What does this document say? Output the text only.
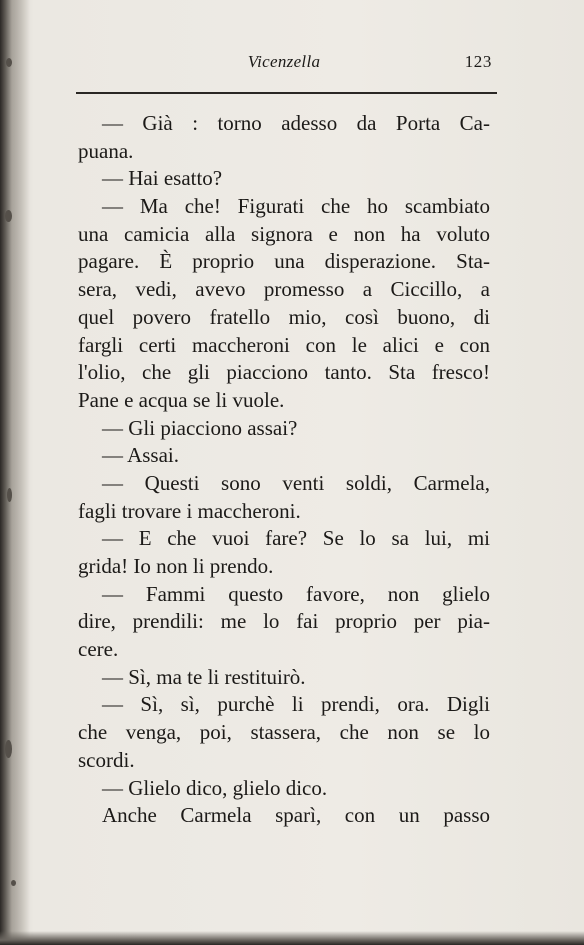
Vicenzella	123
— Già : torno adesso da Porta Ca-
puana.
— Hai esatto?
— Ma che! Figurati che ho scambiato
una camicia alla signora e non ha voluto
pagare. È proprio una disperazione. Sta-
sera, vedi, avevo promesso a Ciccillo, a
quel povero fratello mio, così buono, di
fargli certi maccheroni con le alici e con
l'olio, che gli piacciono tanto. Sta fresco!
Pane e acqua se li vuole.
— Gli piacciono assai?
— Assai.
— Questi sono venti soldi, Carmela,
fagli trovare i maccheroni.
— E che vuoi fare? Se lo sa lui, mi
grida! Io non li prendo.
— Fammi questo favore, non glielo
dire, prendili: me lo fai proprio per pia-
cere.
— Sì, ma te li restituirò.
— Sì, sì, purchè li prendi, ora. Digli
che venga, poi, stassera, che non se lo
scordi.
— Glielo dico, glielo dico.
Anche Carmela sparì, con un passo
